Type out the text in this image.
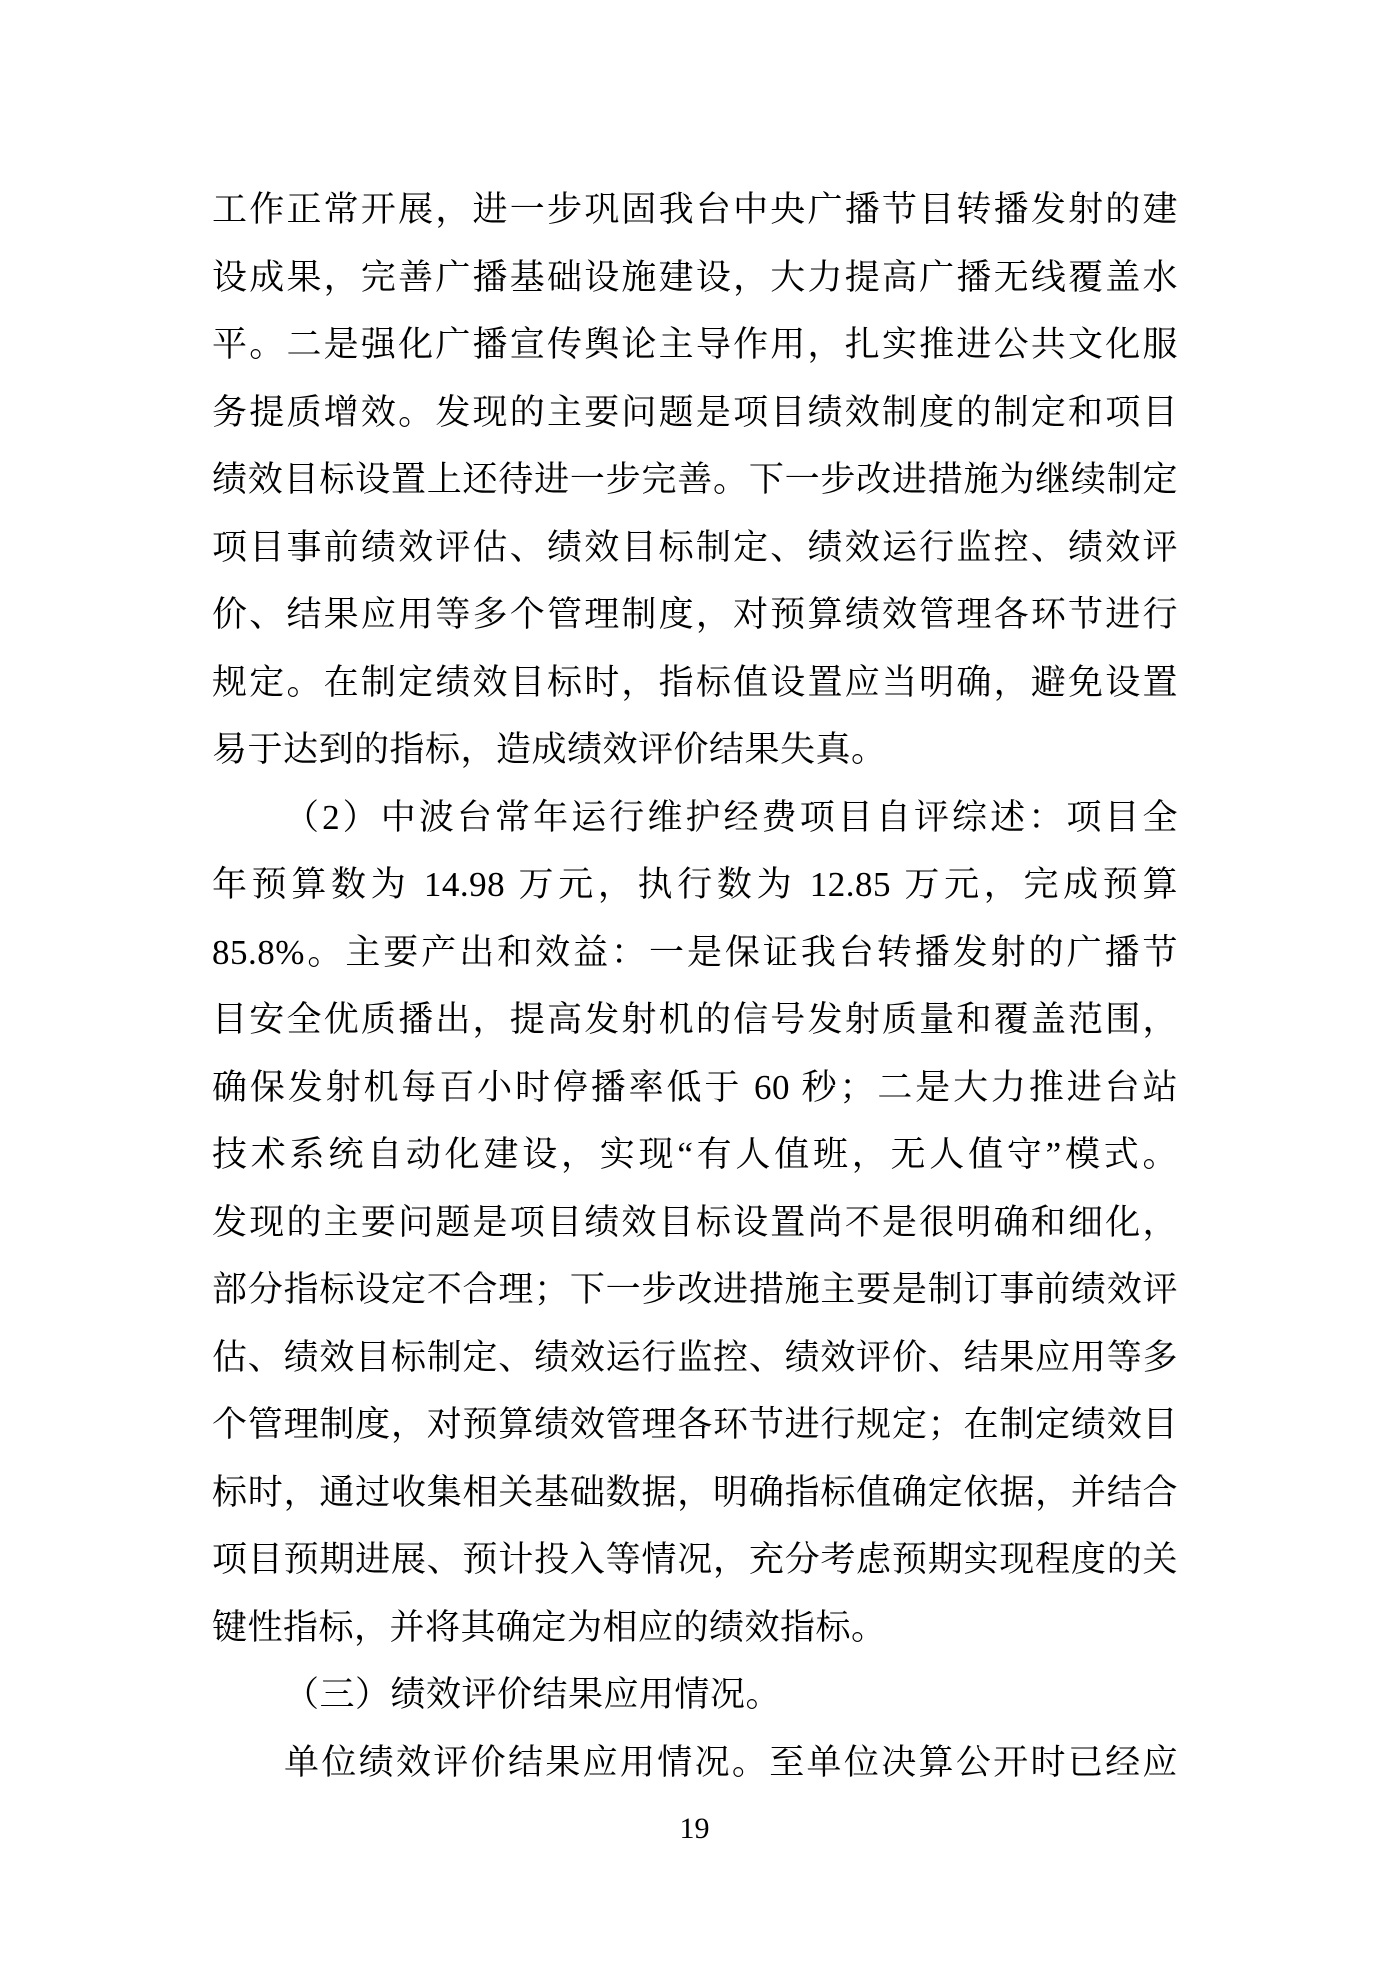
工作正常开展，进一步巩固我台中央广播节目转播发射的建
设成果，完善广播基础设施建设，大力提高广播无线覆盖水
平。二是强化广播宣传舆论主导作用，扎实推进公共文化服
务提质增效。发现的主要问题是项目绩效制度的制定和项目
绩效目标设置上还待进一步完善。下一步改进措施为继续制定
项目事前绩效评估、绩效目标制定、绩效运行监控、绩效评
价、结果应用等多个管理制度，对预算绩效管理各环节进行
规定。在制定绩效目标时，指标值设置应当明确，避免设置
易于达到的指标，造成绩效评价结果失真。
（2）中波台常年运行维护经费项目自评综述：项目全
年预算数为 14.98 万元，执行数为 12.85 万元，完成预算
85.8%。主要产出和效益：一是保证我台转播发射的广播节
目安全优质播出，提高发射机的信号发射质量和覆盖范围，
确保发射机每百小时停播率低于 60 秒；二是大力推进台站
技术系统自动化建设，实现“有人值班，无人值守”模式。
发现的主要问题是项目绩效目标设置尚不是很明确和细化，
部分指标设定不合理；下一步改进措施主要是制订事前绩效评
估、绩效目标制定、绩效运行监控、绩效评价、结果应用等多
个管理制度，对预算绩效管理各环节进行规定；在制定绩效目
标时，通过收集相关基础数据，明确指标值确定依据，并结合
项目预期进展、预计投入等情况，充分考虑预期实现程度的关
键性指标，并将其确定为相应的绩效指标。
（三）绩效评价结果应用情况。
单位绩效评价结果应用情况。至单位决算公开时已经应
19
